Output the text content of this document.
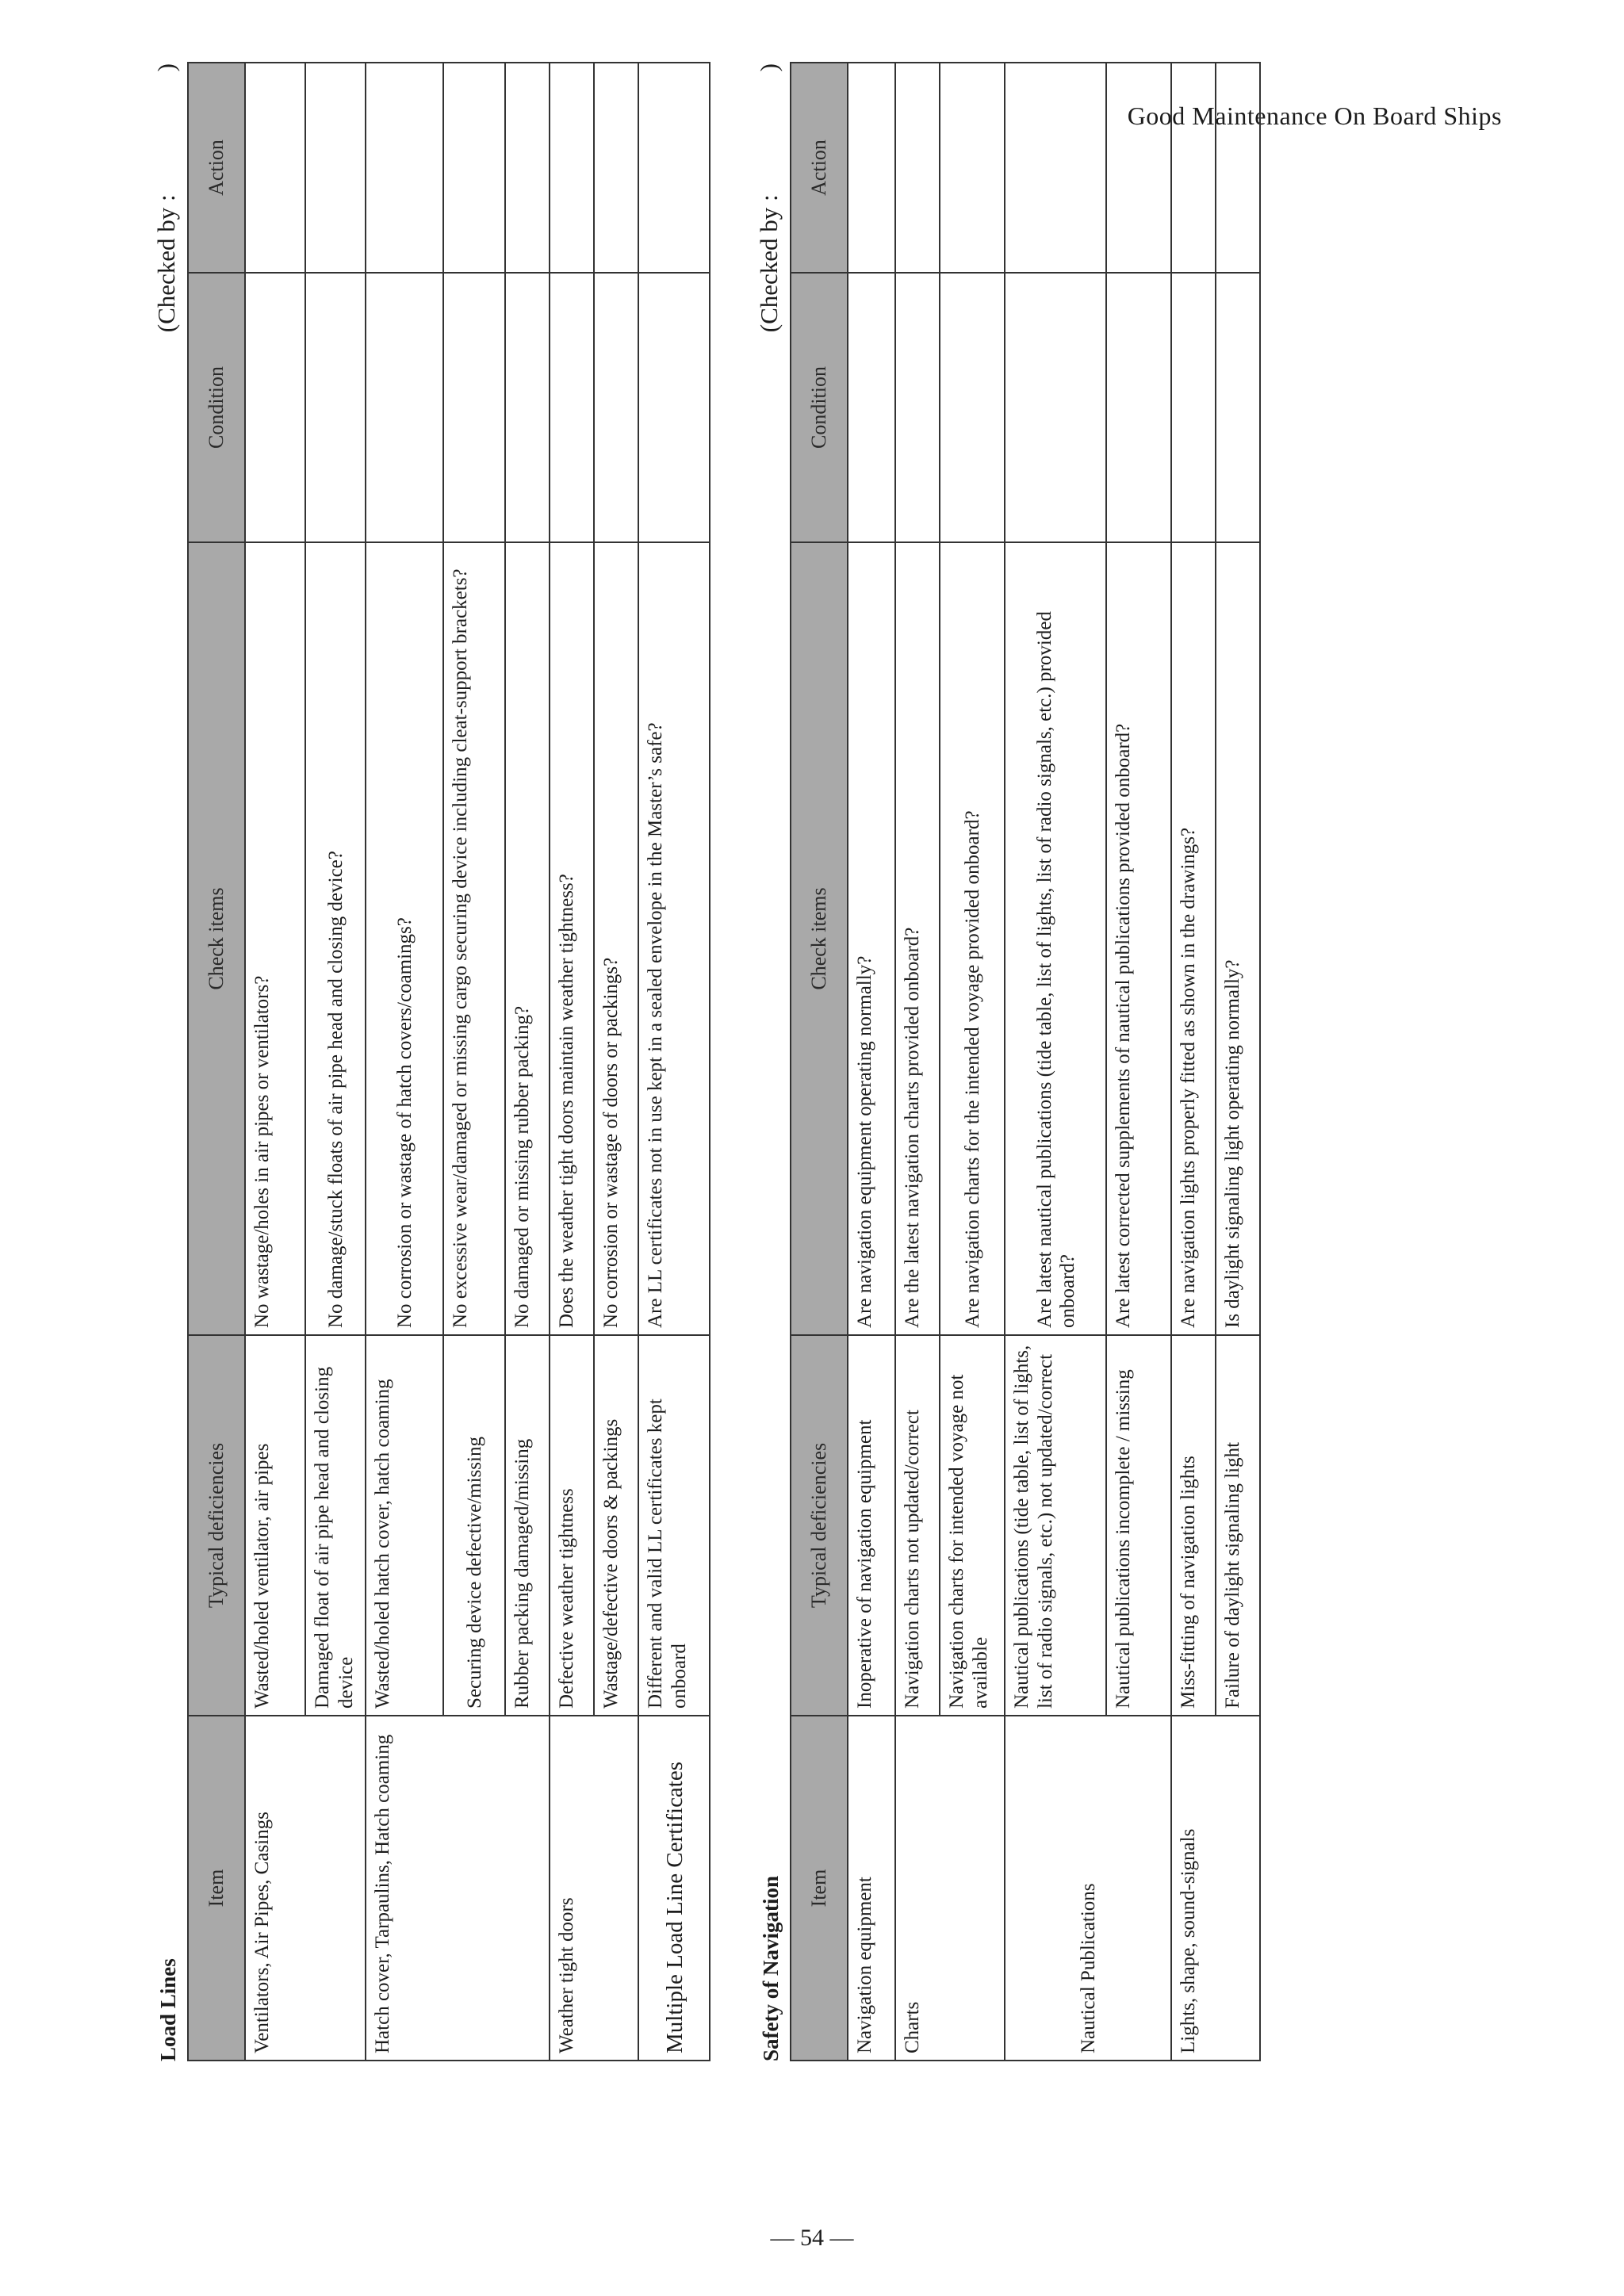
Good Maintenance On Board Ships
Load Lines
(Checked by :                    )
Item	Typical deficiencies	Check items	Condition	Action
Ventilators, Air Pipes, Casings	Wasted/holed ventilator, air pipes	No wastage/holes in air pipes or ventilators?		
	Damaged float of air pipe head and closing device	No damage/stuck floats of air pipe head and closing device?		
Hatch cover, Tarpaulins, Hatch coaming	Wasted/holed hatch cover, hatch coaming	No corrosion or wastage of hatch covers/coamings?		
	Securing device defective/missing	No excessive wear/damaged or missing cargo securing device including cleat-support brackets?		
	Rubber packing damaged/missing	No damaged or missing rubber packing?		
Weather tight doors	Defective weather tightness	Does the weather tight doors maintain weather tightness?		
	Wastage/defective doors & packings	No corrosion or wastage of doors or packings?		
Multiple Load Line Certificates	Different and valid LL certificates kept onboard	Are LL certificates not in use kept in a sealed envelope in the Master’s safe?		
Safety of Navigation
(Checked by :                    )
Item	Typical deficiencies	Check items	Condition	Action
Navigation equipment	Inoperative of navigation equipment	Are navigation equipment operating normally?		
Charts	Navigation charts not updated/correct	Are the latest navigation charts provided onboard?		
	Navigation charts for intended voyage not available	Are navigation charts for the intended voyage provided onboard?		
Nautical Publications	Nautical publications (tide table, list of lights, list of radio signals, etc.) not updated/correct	Are latest nautical publications (tide table, list of lights, list of radio signals, etc.) provided onboard?		
	Nautical publications incomplete / missing	Are latest corrected supplements of nautical publications provided onboard?		
Lights, shape, sound-signals	Miss-fitting of navigation lights	Are navigation lights properly fitted as shown in the drawings?		
	Failure of daylight signaling light	Is daylight signaling light operating normally?		
— 54 —
